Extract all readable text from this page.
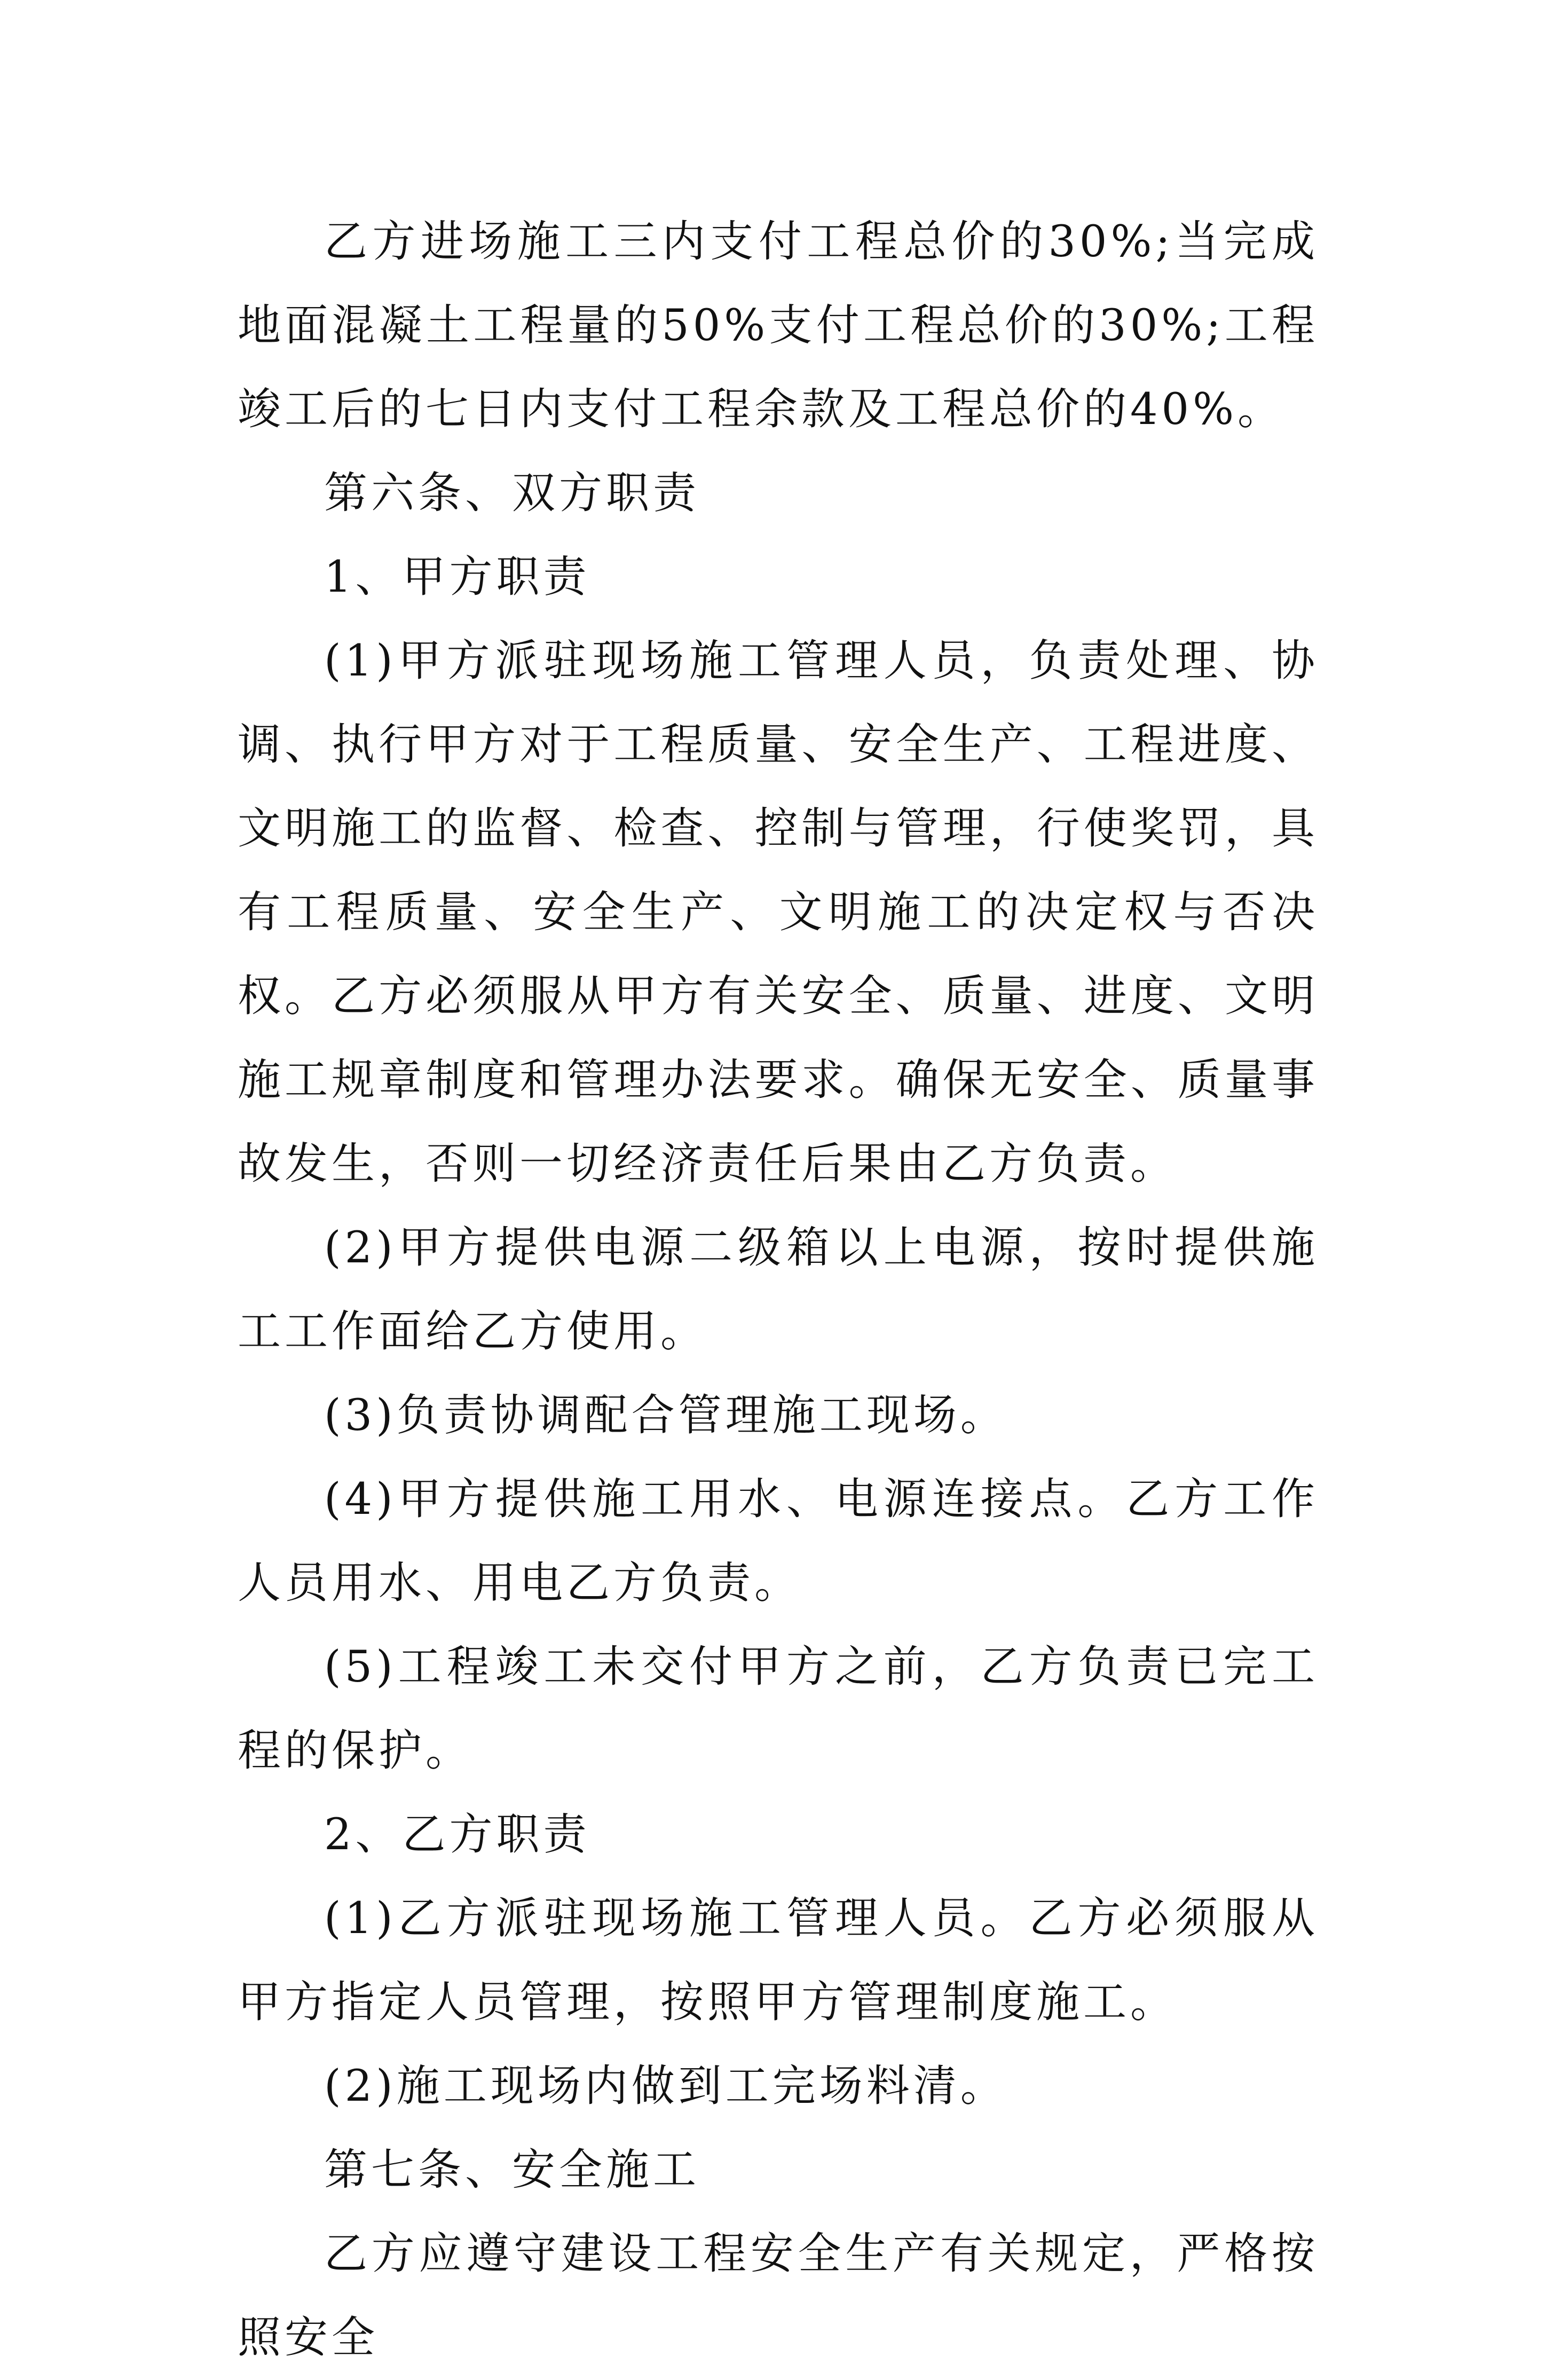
乙方进场施工三内支付工程总价的30%;当完成地面混凝土工程量的50%支付工程总价的30%;工程竣工后的七日内支付工程余款及工程总价的40%。

第六条、双方职责

1、甲方职责

(1)甲方派驻现场施工管理人员，负责处理、协调、执行甲方对于工程质量、安全生产、工程进度、文明施工的监督、检查、控制与管理，行使奖罚，具有工程质量、安全生产、文明施工的决定权与否决权。乙方必须服从甲方有关安全、质量、进度、文明施工规章制度和管理办法要求。确保无安全、质量事故发生，否则一切经济责任后果由乙方负责。

(2)甲方提供电源二级箱以上电源，按时提供施工工作面给乙方使用。

(3)负责协调配合管理施工现场。

(4)甲方提供施工用水、电源连接点。乙方工作人员用水、用电乙方负责。

(5)工程竣工未交付甲方之前，乙方负责已完工程的保护。

2、乙方职责

(1)乙方派驻现场施工管理人员。乙方必须服从甲方指定人员管理，按照甲方管理制度施工。

(2)施工现场内做到工完场料清。

第七条、安全施工

乙方应遵守建设工程安全生产有关规定，严格按照安全
